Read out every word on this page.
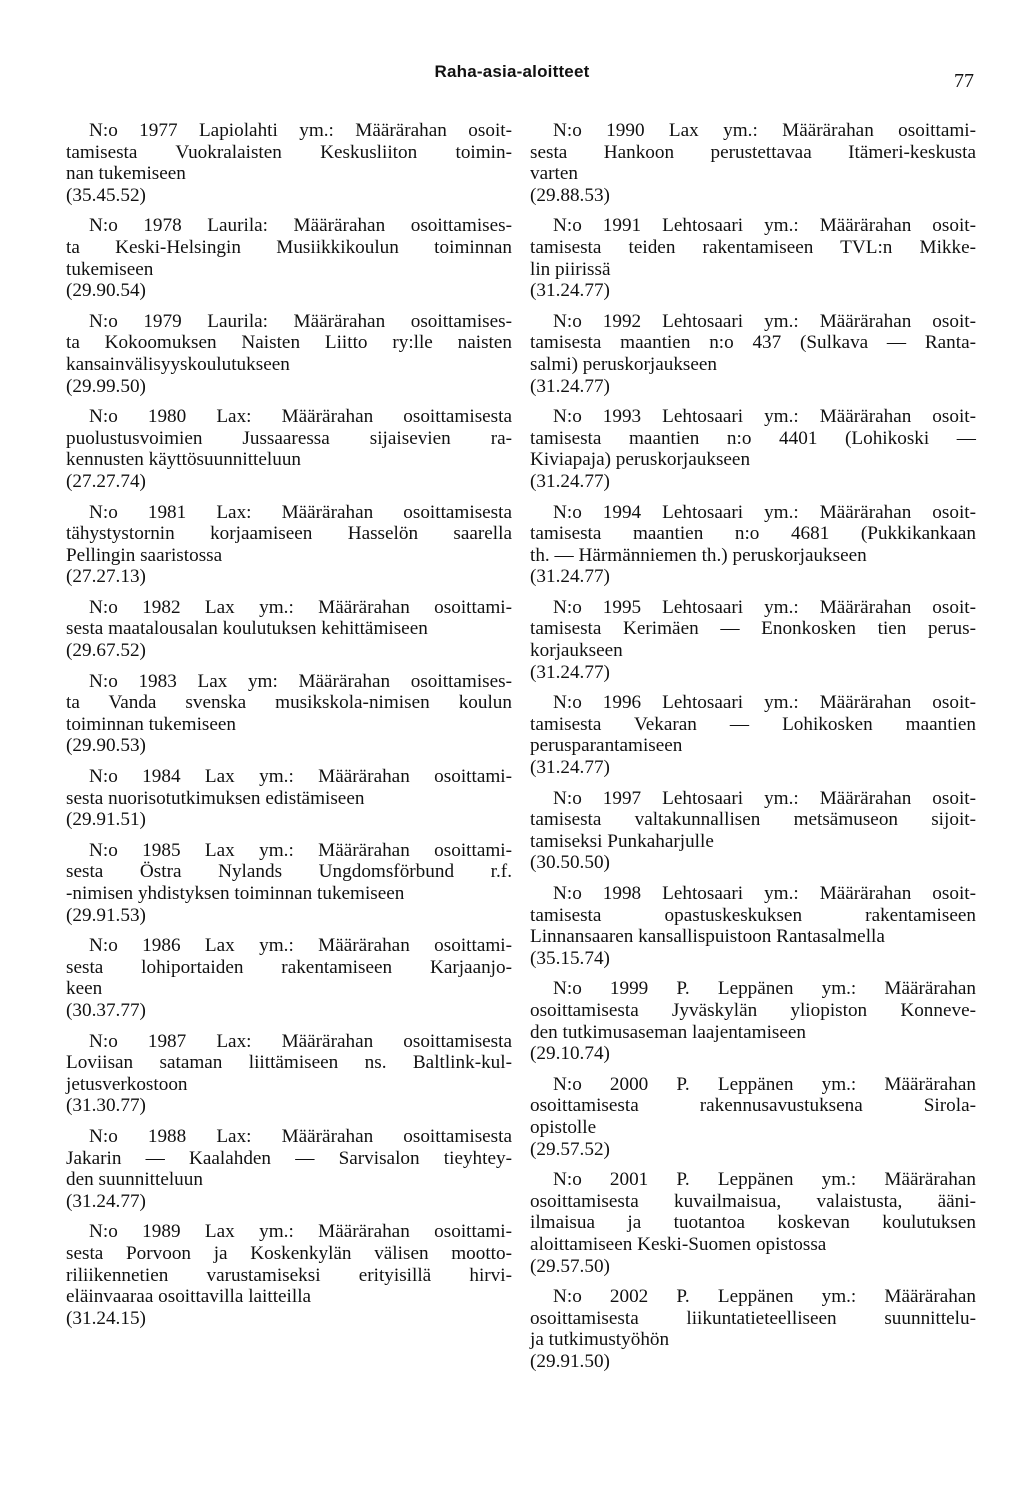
Raha-asia-aloitteet	77
N:o 1977 Lapiolahti ym.: Määrärahan osoit-
tamisesta Vuokralaisten Keskusliiton toimin-
nan tukemiseen
(35.45.52)
N:o 1978 Laurila: Määrärahan osoittamises-
ta Keski-Helsingin Musiikkikoulun toiminnan
tukemiseen
(29.90.54)
N:o 1979 Laurila: Määrärahan osoittamises-
ta Kokoomuksen Naisten Liitto ry:lle naisten
kansainvälisyyskoulutukseen
(29.99.50)
N:o 1980 Lax: Määrärahan osoittamisesta
puolustusvoimien Jussaaressa sijaisevien ra-
kennusten käyttösuunnitteluun
(27.27.74)
N:o 1981 Lax: Määrärahan osoittamisesta
tähystystornin korjaamiseen Hasselön saarella
Pellingin saaristossa
(27.27.13)
N:o 1982 Lax ym.: Määrärahan osoittami-
sesta maatalousalan koulutuksen kehittämiseen
(29.67.52)
N:o 1983 Lax ym: Määrärahan osoittamises-
ta Vanda svenska musikskola-nimisen koulun
toiminnan tukemiseen
(29.90.53)
N:o 1984 Lax ym.: Määrärahan osoittami-
sesta nuorisotutkimuksen edistämiseen
(29.91.51)
N:o 1985 Lax ym.: Määrärahan osoittami-
sesta Östra Nylands Ungdomsförbund r.f.
-nimisen yhdistyksen toiminnan tukemiseen
(29.91.53)
N:o 1986 Lax ym.: Määrärahan osoittami-
sesta lohiportaiden rakentamiseen Karjaanjo-
keen
(30.37.77)
N:o 1987 Lax: Määrärahan osoittamisesta
Loviisan sataman liittämiseen ns. Baltlink-kul-
jetusverkostoon
(31.30.77)
N:o 1988 Lax: Määrärahan osoittamisesta
Jakarin — Kaalahden — Sarvisalon tieyhtey-
den suunnitteluun
(31.24.77)
N:o 1989 Lax ym.: Määrärahan osoittami-
sesta Porvoon ja Koskenkylän välisen mootto-
riliikennetien varustamiseksi erityisillä hirvi-
eläinvaaraa osoittavilla laitteilla
(31.24.15)
N:o 1990 Lax ym.: Määrärahan osoittami-
sesta Hankoon perustettavaa Itämeri-keskusta
varten
(29.88.53)
N:o 1991 Lehtosaari ym.: Määrärahan osoit-
tamisesta teiden rakentamiseen TVL:n Mikke-
lin piirissä
(31.24.77)
N:o 1992 Lehtosaari ym.: Määrärahan osoit-
tamisesta maantien n:o 437 (Sulkava — Ranta-
salmi) peruskorjaukseen
(31.24.77)
N:o 1993 Lehtosaari ym.: Määrärahan osoit-
tamisesta maantien n:o 4401 (Lohikoski —
Kiviapaja) peruskorjaukseen
(31.24.77)
N:o 1994 Lehtosaari ym.: Määrärahan osoit-
tamisesta maantien n:o 4681 (Pukkikankaan
th. — Härmänniemen th.) peruskorjaukseen
(31.24.77)
N:o 1995 Lehtosaari ym.: Määrärahan osoit-
tamisesta Kerimäen — Enonkosken tien perus-
korjaukseen
(31.24.77)
N:o 1996 Lehtosaari ym.: Määrärahan osoit-
tamisesta Vekaran — Lohikosken maantien
perusparantamiseen
(31.24.77)
N:o 1997 Lehtosaari ym.: Määrärahan osoit-
tamisesta valtakunnallisen metsämuseon sijoit-
tamiseksi Punkaharjulle
(30.50.50)
N:o 1998 Lehtosaari ym.: Määrärahan osoit-
tamisesta opastuskeskuksen rakentamiseen
Linnansaaren kansallispuistoon Rantasalmella
(35.15.74)
N:o 1999 P. Leppänen ym.: Määrärahan
osoittamisesta Jyväskylän yliopiston Konneve-
den tutkimusaseman laajentamiseen
(29.10.74)
N:o 2000 P. Leppänen ym.: Määrärahan
osoittamisesta rakennusavustuksena Sirola-
opistolle
(29.57.52)
N:o 2001 P. Leppänen ym.: Määrärahan
osoittamisesta kuvailmaisua, valaistusta, ääni-
ilmaisua ja tuotantoa koskevan koulutuksen
aloittamiseen Keski-Suomen opistossa
(29.57.50)
N:o 2002 P. Leppänen ym.: Määrärahan
osoittamisesta liikuntatieteelliseen suunnittelu-
ja tutkimustyöhön
(29.91.50)
